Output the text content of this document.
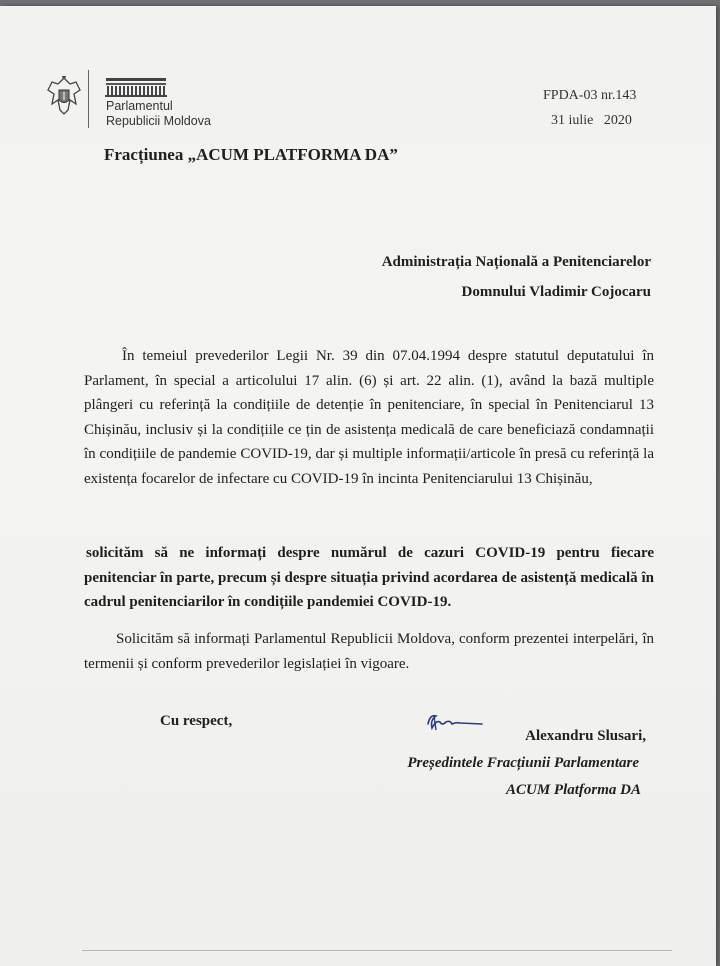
Parlamentul
Republicii Moldova
FPDA-03 nr.143
31 iulie   2020
Fracțiunea „ACUM PLATFORMA DA”
Administrația Națională a Penitenciarelor
Domnului Vladimir Cojocaru
În temeiul prevederilor Legii Nr. 39 din 07.04.1994 despre statutul deputatului în Parlament, în special a articolului 17 alin. (6) și art. 22 alin. (1), având la bază multiple plângeri cu referință la condițiile de detenție în penitenciare, în special în Penitenciarul 13 Chișinău, inclusiv și la condițiile ce țin de asistența medicală de care beneficiază condamnații în condițiile de pandemie COVID-19, dar și multiple informații/articole în presă cu referință la existența focarelor de infectare cu COVID-19 în incinta Penitenciarului 13 Chișinău,
solicităm să ne informați despre numărul de cazuri COVID-19 pentru fiecare penitenciar în parte, precum și despre situația privind acordarea de asistență medicală în cadrul penitenciarilor în condițiile pandemiei COVID-19.
Solicităm să informați Parlamentul Republicii Moldova, conform prezentei interpelări, în termenii și conform prevederilor legislației în vigoare.
Cu respect,
Alexandru Slusari,
Președintele Fracțiunii Parlamentare
ACUM Platforma DA
